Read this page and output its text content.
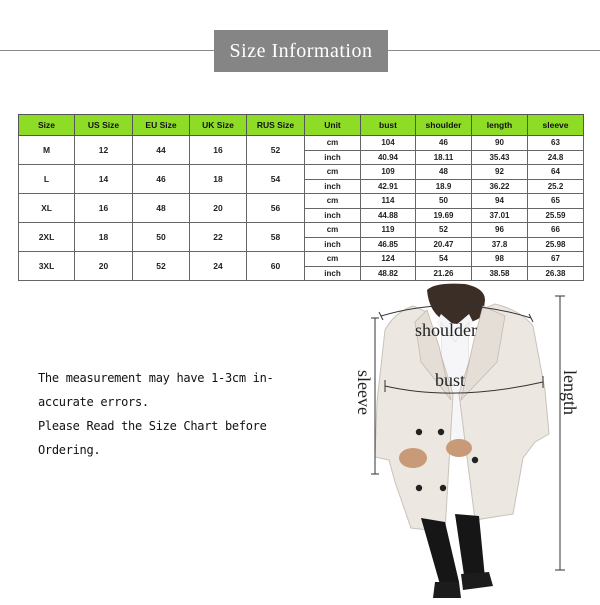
Size Information
Size	US Size	EU Size	UK Size	RUS Size	Unit	bust	shoulder	length	sleeve
M	12	44	16	52	cm	104	46	90	63
					inch	40.94	18.11	35.43	24.8
L	14	46	18	54	cm	109	48	92	64
					inch	42.91	18.9	36.22	25.2
XL	16	48	20	56	cm	114	50	94	65
					inch	44.88	19.69	37.01	25.59
2XL	18	50	22	58	cm	119	52	96	66
					inch	46.85	20.47	37.8	25.98
3XL	20	52	24	60	cm	124	54	98	67
					inch	48.82	21.26	38.58	26.38
The measurement may have 1-3cm in-
accurate errors.
Please Read the Size Chart before
Ordering.
shoulder
bust
sleeve	length
